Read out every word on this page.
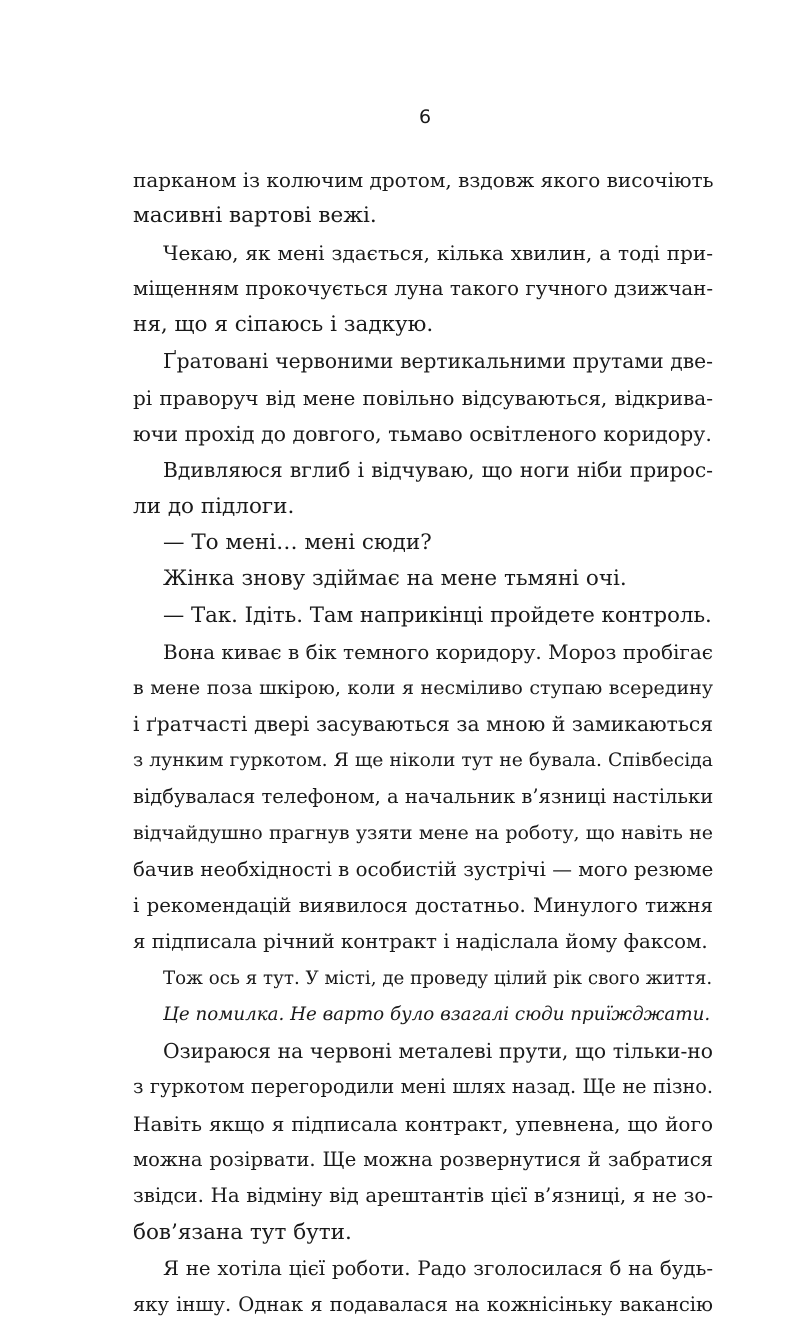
6
парканом із колючим дротом, вздовж якого височіють
масивні вартові вежі.
Чекаю, як мені здається, кілька хвилин, а тоді при-
міщенням прокочується луна такого гучного дзижчан-
ня, що я сіпаюсь і задкую.
Ґратовані червоними вертикальними прутами две-
рі праворуч від мене повільно відсуваються, відкрива-
ючи прохід до довгого, тьмаво освітленого коридору.
Вдивляюся вглиб і відчуваю, що ноги ніби прирос-
ли до підлоги.
— То мені… мені сюди?
Жінка знову здіймає на мене тьмяні очі.
— Так. Ідіть. Там наприкінці пройдете контроль.
Вона киває в бік темного коридору. Мороз пробігає
в мене поза шкірою, коли я несміливо ступаю всередину
і ґратчасті двері засуваються за мною й замикаються
з лунким гуркотом. Я ще ніколи тут не бувала. Співбесіда
відбувалася телефоном, а начальник в’язниці настільки
відчайдушно прагнув узяти мене на роботу, що навіть не
бачив необхідності в особистій зустрічі — мого резюме
і рекомендацій виявилося достатньо. Минулого тижня
я підписала річний контракт і надіслала йому факсом.
Тож ось я тут. У місті, де проведу цілий рік свого життя.
Це помилка. Не варто було взагалі сюди приїжджати.
Озираюся на червоні металеві прути, що тільки-но
з гуркотом перегородили мені шлях назад. Ще не пізно.
Навіть якщо я підписала контракт, упевнена, що його
можна розірвати. Ще можна розвернутися й забратися
звідси. На відміну від арештантів цієї в’язниці, я не зо-
бов’язана тут бути.
Я не хотіла цієї роботи. Радо зголосилася б на будь-
яку іншу. Однак я подавалася на кожнісіньку вакансію
